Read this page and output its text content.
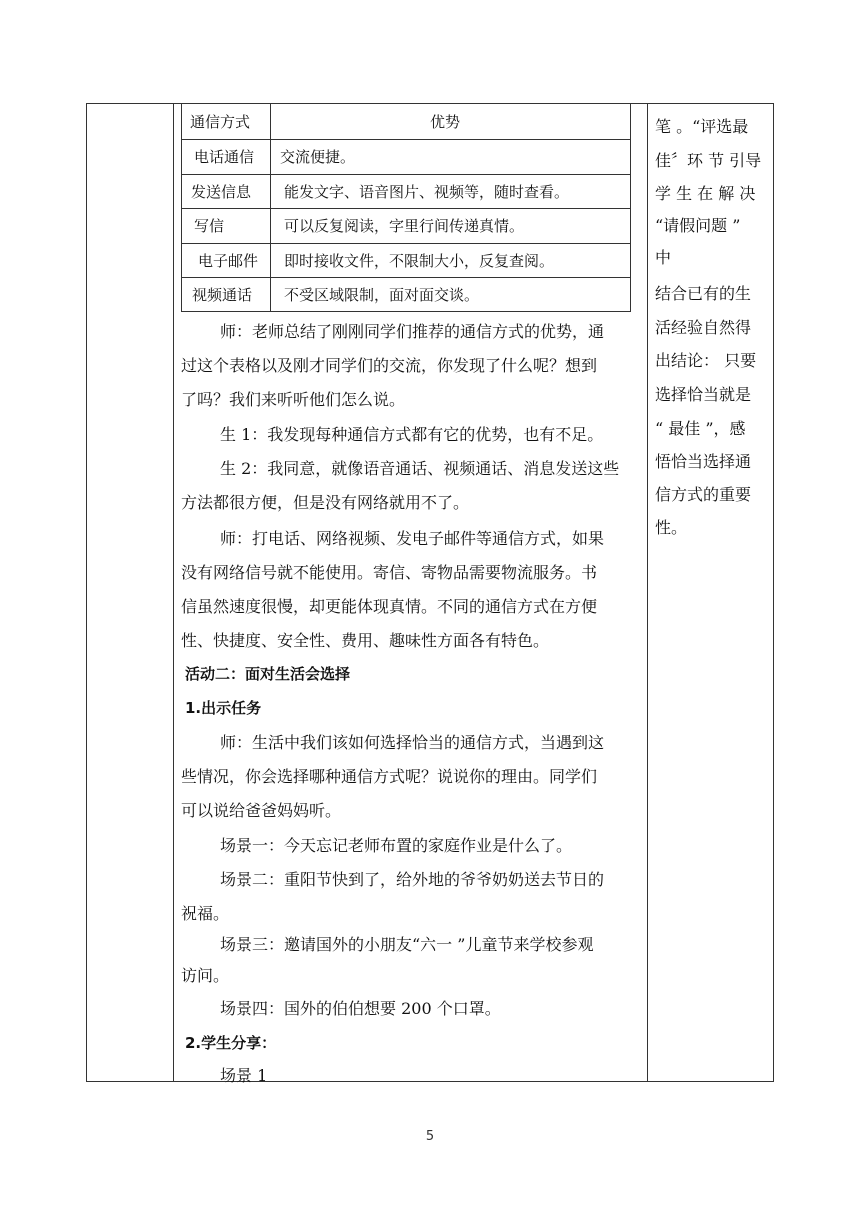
通信方式	优势
电话通信 交流便捷。
发送信息 能发文字、语音图片、视频等，随时查看。
写信	可以反复阅读，字里行间传递真情。
电子邮件 即时接收文件，不限制大小，反复查阅。
视频通话 不受区域限制，面对面交谈。
师：老师总结了刚刚同学们推荐的通信方式的优势，通
过这个表格以及刚才同学们的交流，你发现了什么呢？想到
了吗？我们来听听他们怎么说。
生 1：我发现每种通信方式都有它的优势，也有不足。
生 2：我同意，就像语音通话、视频通话、消息发送这些
方法都很方便，但是没有网络就用不了。
师：打电话、网络视频、发电子邮件等通信方式，如果
没有网络信号就不能使用。寄信、寄物品需要物流服务。书
信虽然速度很慢，却更能体现真情。不同的通信方式在方便
性、快捷度、安全性、费用、趣味性方面各有特色。
活动二：面对生活会选择
1.出示任务
师：生活中我们该如何选择恰当的通信方式，当遇到这
些情况，你会选择哪种通信方式呢？说说你的理由。同学们
可以说给爸爸妈妈听。
场景一：今天忘记老师布置的家庭作业是什么了。
场景二：重阳节快到了，给外地的爷爷奶奶送去节日的
祝福。
场景三：邀请国外的小朋友“六一 ”儿童节来学校参观
访问。
场景四：国外的伯伯想要 200 个口罩。
2.学生分享：
场景 1
笔 。“评选最
佳〞环 节 引导
学 生 在 解 决
“请假问题 ”
中
结合已有的生
活经验自然得
出结论： 只要
选择恰当就是
“ 最佳 ”，感
悟恰当选择通
信方式的重要
性。
5
